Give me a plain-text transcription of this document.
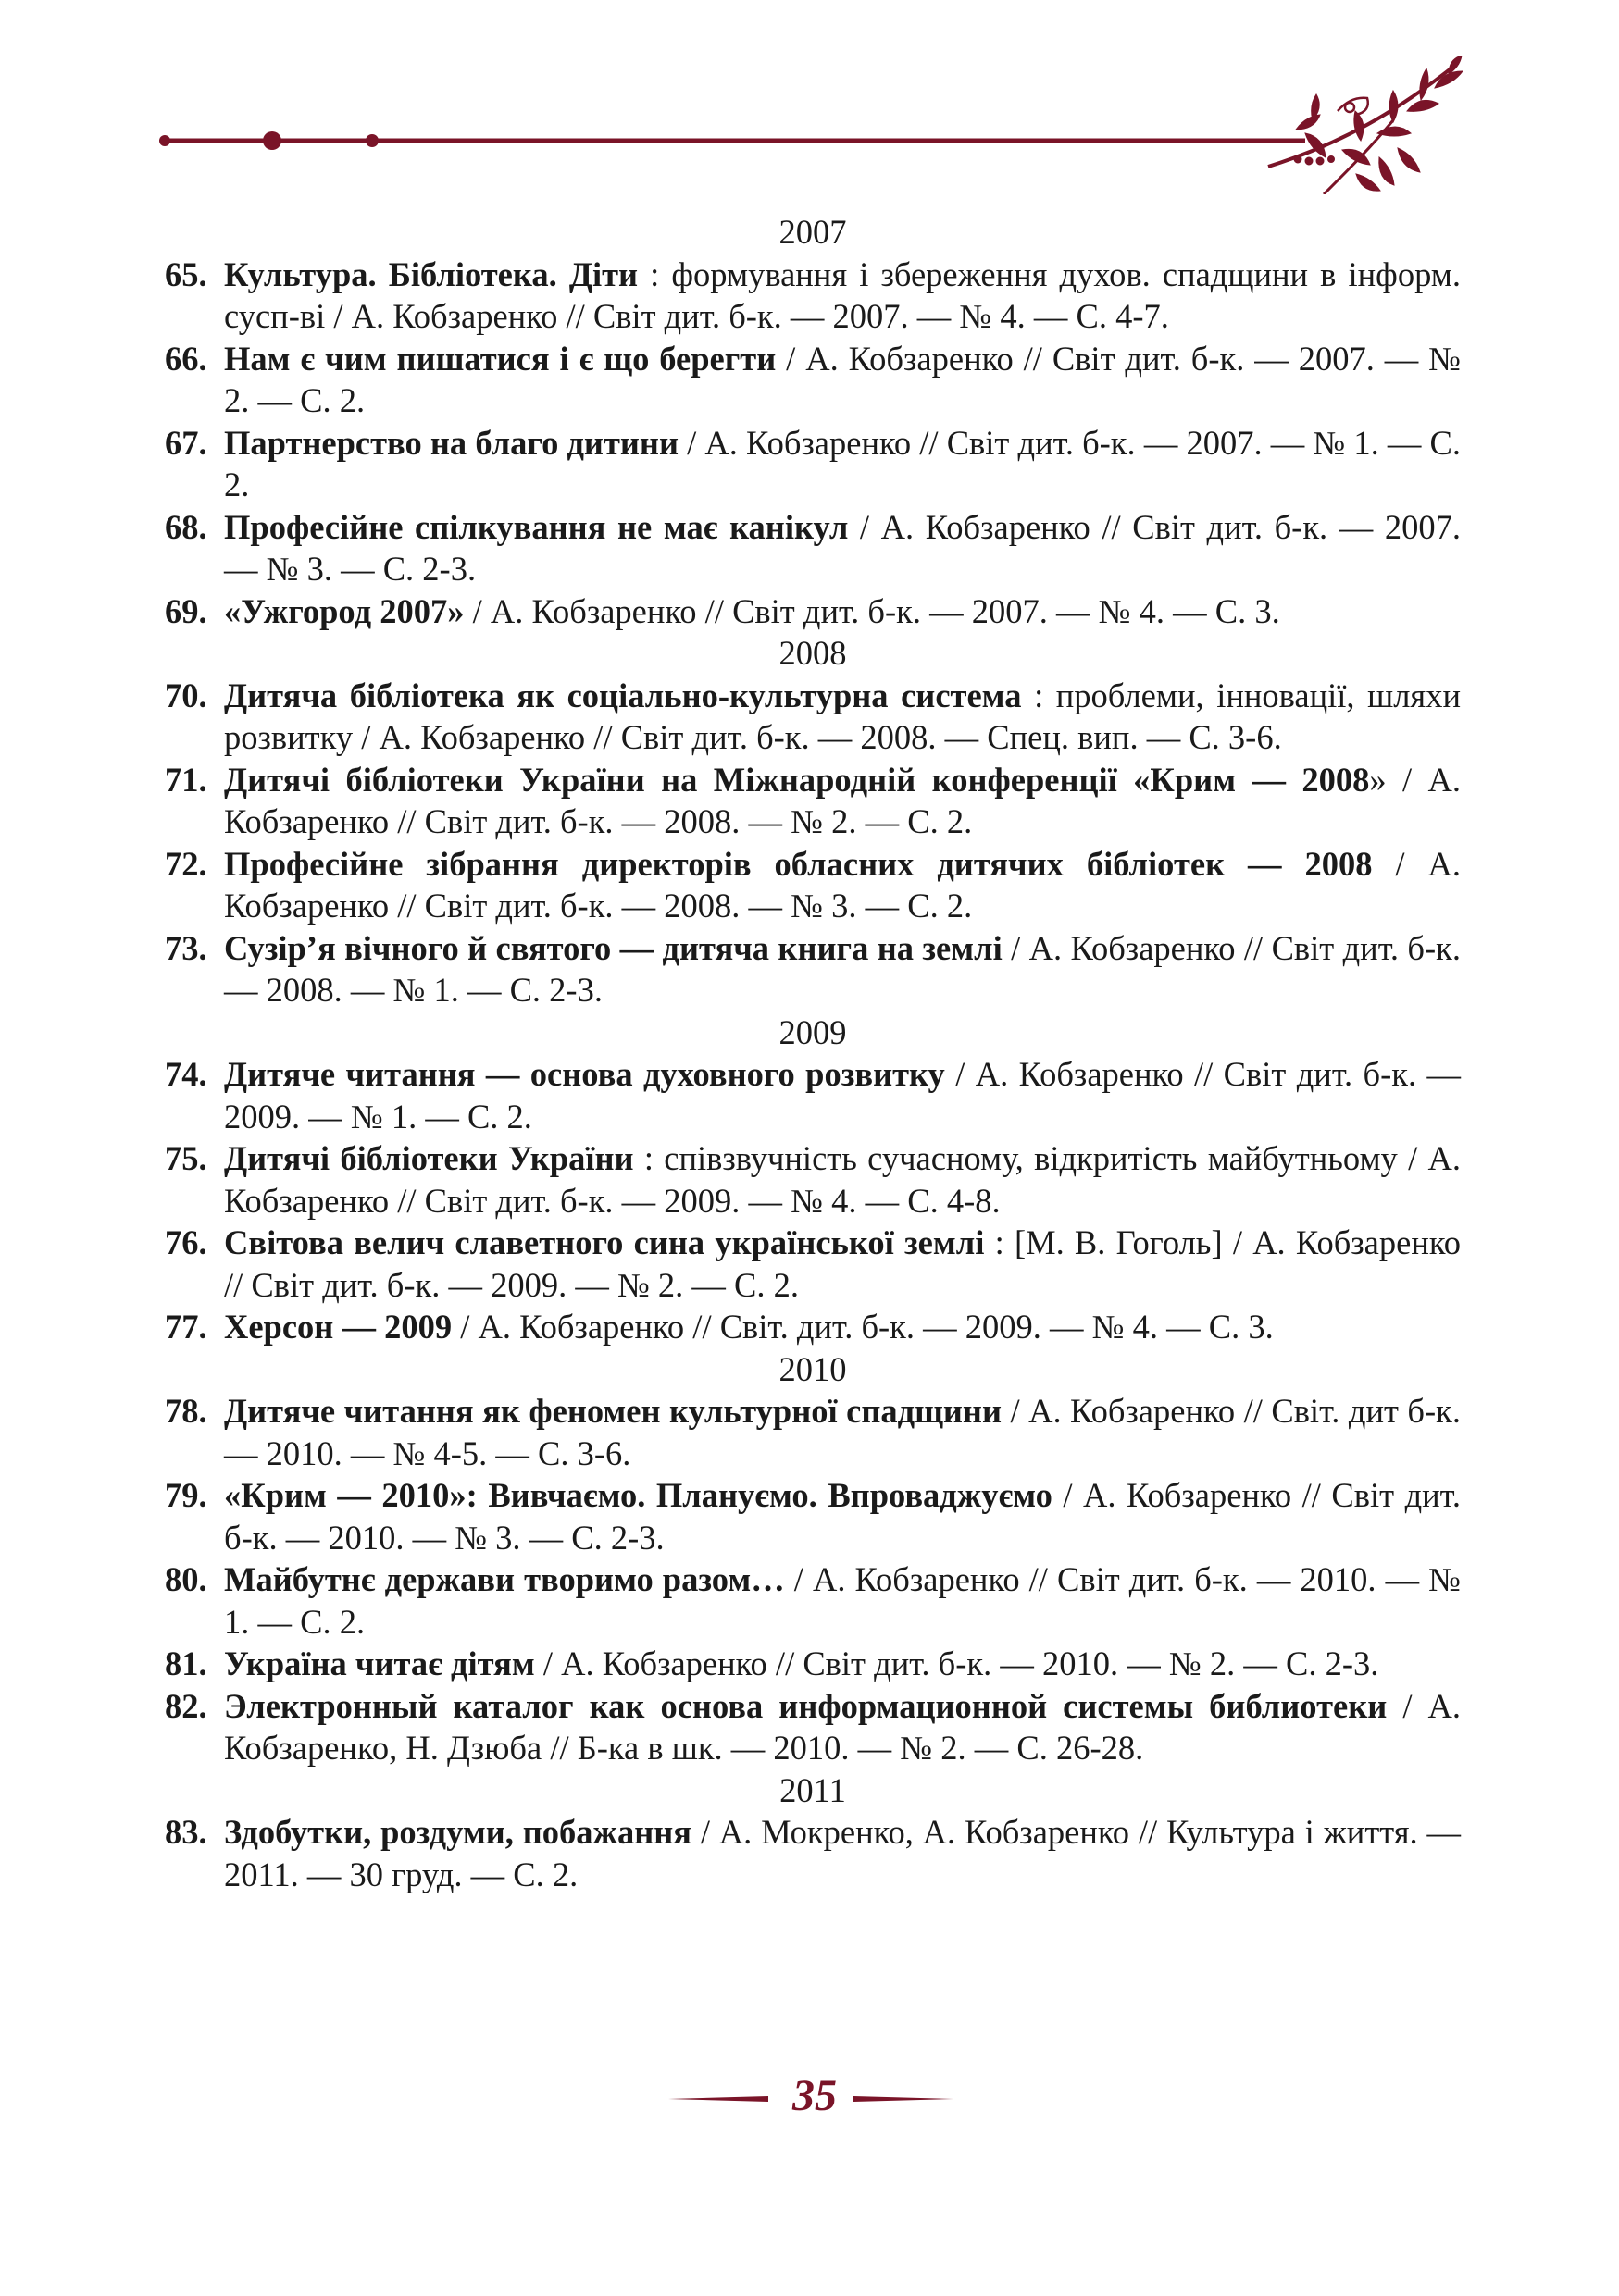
2007

65. Культура. Бібліотека. Діти : формування і збереження духов. спадщини в інформ. сусп-ві / А. Кобзаренко // Світ дит. б-к. — 2007. — № 4. — С. 4-7.

66. Нам є чим пишатися і є що берегти / А. Кобзаренко // Світ дит. б-к. — 2007. — № 2. — С. 2.

67. Партнерство на благо дитини / А. Кобзаренко // Світ дит. б-к. — 2007. — № 1. — С. 2.

68. Професійне спілкування не має канікул / А. Кобзаренко // Світ дит. б-к. — 2007. — № 3. — С. 2-3.

69. «Ужгород 2007» / А. Кобзаренко // Світ дит. б-к. — 2007. — № 4. — С. 3.

2008

70. Дитяча бібліотека як соціально-культурна система : проблеми, інновації, шляхи розвитку / А. Кобзаренко // Світ дит. б-к. — 2008. — Спец. вип. — С. 3-6.

71. Дитячі бібліотеки України на Міжнародній конференції «Крим — 2008» / А. Кобзаренко // Світ дит. б-к. — 2008. — № 2. — С. 2.

72. Професійне зібрання директорів обласних дитячих бібліотек — 2008 / А. Кобзаренко // Світ дит. б-к. — 2008. — № 3. — С. 2.

73. Сузір’я вічного й святого — дитяча книга на землі / А. Кобзаренко // Світ дит. б-к. — 2008. — № 1. — С. 2-3.

2009

74. Дитяче читання — основа духовного розвитку / А. Кобзаренко // Світ дит. б-к. — 2009. — № 1. — С. 2.

75. Дитячі бібліотеки України : співзвучність сучасному, відкритість майбутньому / А. Кобзаренко // Світ дит. б-к. — 2009. — № 4. — С. 4-8.

76. Світова велич славетного сина української землі : [М. В. Гоголь] / А. Кобзаренко // Світ дит. б-к. — 2009. — № 2. — С. 2.

77. Херсон — 2009 / А. Кобзаренко // Світ. дит. б-к. — 2009. — № 4. — С. 3.

2010

78. Дитяче читання як феномен культурної спадщини / А. Кобзаренко // Світ. дит б-к. — 2010. — № 4-5. — С. 3-6.

79. «Крим — 2010»: Вивчаємо. Плануємо. Впроваджуємо / А. Кобзаренко // Світ дит. б-к. — 2010. — № 3. — С. 2-3.

80. Майбутнє держави творимо разом… / А. Кобзаренко // Світ дит. б-к. — 2010. — № 1. — С. 2.

81. Україна читає дітям / А. Кобзаренко // Світ дит. б-к. — 2010. — № 2. — С. 2-3.

82. Электронный каталог как основа информационной системы библиотеки / А. Кобзаренко, Н. Дзюба // Б-ка в шк. — 2010. — № 2. — С. 26-28.

2011

83. Здобутки, роздуми, побажання / А. Мокренко, А. Кобзаренко // Культура і життя. — 2011. — 30 груд. — С. 2.

35
